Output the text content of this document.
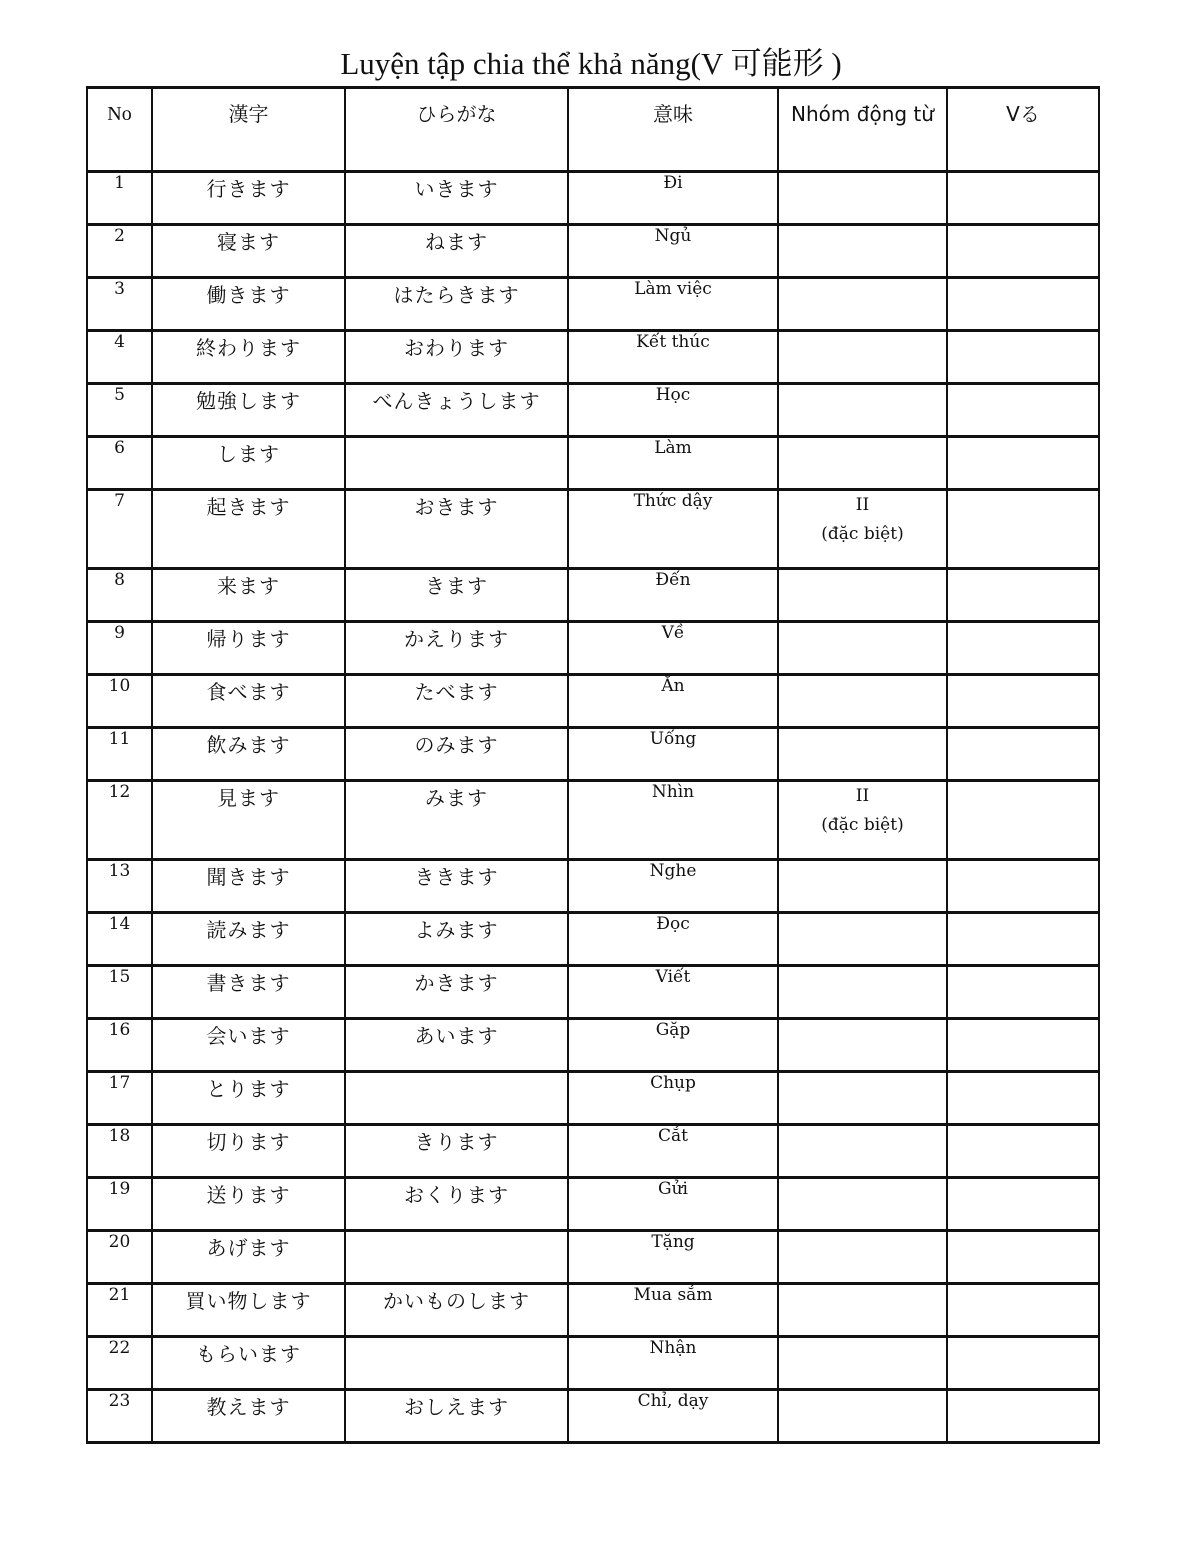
Luyện tập chia thể khả năng(V 可能形 )
No	漢字	ひらがな	意味	Nhóm động từ	Vる
1	行きます	いきます	Đi	

2	寝ます	ねます	Ngủ	

3	働きます	はたらきます	Làm việc	

4	終わります	おわります	Kết thúc	

5	勉強します	べんきょうします	Học	

6	します		Làm	

7	起きます	おきます	Thức dậy	II
(đặc biệt)	

8	来ます	きます	Đến	

9	帰ります	かえります	Về	

10	食べます	たべます	Ăn	

11	飲みます	のみます	Uống	

12	見ます	みます	Nhìn	II
(đặc biệt)	

13	聞きます	ききます	Nghe	

14	読みます	よみます	Đọc	

15	書きます	かきます	Viết	

16	会います	あいます	Gặp	

17	とります		Chụp	

18	切ります	きります	Cắt	

19	送ります	おくります	Gửi	

20	あげます		Tặng	

21	買い物します	かいものします	Mua sắm	

22	もらいます		Nhận	

23	教えます	おしえます	Chỉ, dạy	
